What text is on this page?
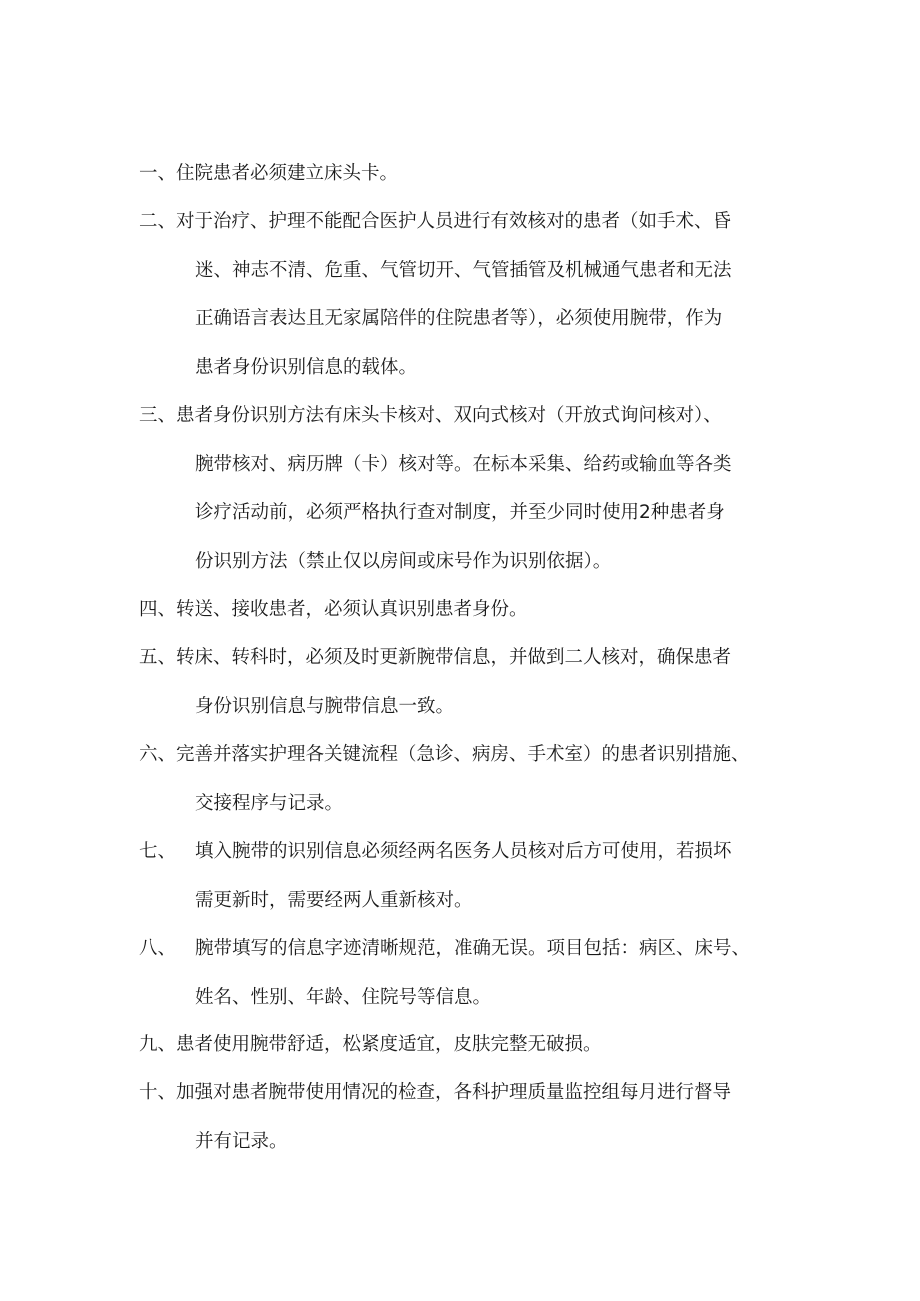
一、 住院患者必须建立床头卡。
二、 对于治疗、护理不能配合医护人员进行有效核对的患者（如手术、昏
迷、神志不清、危重、气管切开、气管插管及机械通气患者和无法
正确语言表达且无家属陪伴的住院患者等），必须使用腕带，作为
患者身份识别信息的载体。
三、 患者身份识别方法有床头卡核对、双向式核对（开放式询问核对）、
腕带核对、病历牌（卡）核对等。在标本采集、给药或输血等各类
诊疗活动前，必须严格执行查对制度，并至少同时使用2种患者身
份识别方法（禁止仅以房间或床号作为识别依据）。
四、 转送、接收患者，必须认真识别患者身份。
五、 转床、转科时，必须及时更新腕带信息，并做到二人核对，确保患者
身份识别信息与腕带信息一致。
六、 完善并落实护理各关键流程（急诊、病房、手术室）的患者识别措施、
交接程序与记录。
七、 填入腕带的识别信息必须经两名医务人员核对后方可使用，若损坏
需更新时，需要经两人重新核对。
八、 腕带填写的信息字迹清晰规范，准确无误。项目包括：病区、床号、
姓名、性别、年龄、住院号等信息。
九、 患者使用腕带舒适，松紧度适宜，皮肤完整无破损。
十、 加强对患者腕带使用情况的检查，各科护理质量监控组每月进行督导
并有记录。
